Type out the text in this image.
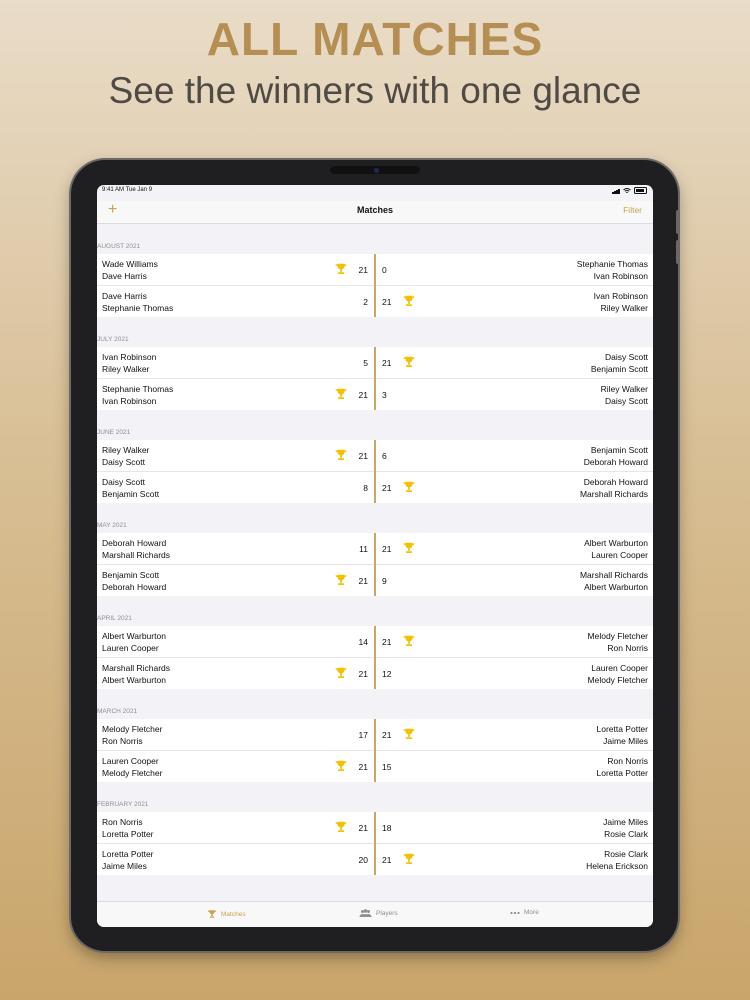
ALL MATCHES
See the winners with one glance
9:41 AM Tue Jan 9
+	Matches	Filter
AUGUST 2021
Wade Williams
Dave Harris
21 0
Stephanie Thomas
Ivan Robinson
Dave Harris
Stephanie Thomas
2 21
Ivan Robinson
Riley Walker
JULY 2021
Ivan Robinson
Riley Walker
5 21
Daisy Scott
Benjamin Scott
Stephanie Thomas
Ivan Robinson
21 3
Riley Walker
Daisy Scott
JUNE 2021
Riley Walker
Daisy Scott
21 6
Benjamin Scott
Deborah Howard
Daisy Scott
Benjamin Scott
8 21
Deborah Howard
Marshall Richards
MAY 2021
Deborah Howard
Marshall Richards
11 21
Albert Warburton
Lauren Cooper
Benjamin Scott
Deborah Howard
21 9
Marshall Richards
Albert Warburton
APRIL 2021
Albert Warburton
Lauren Cooper
14 21
Melody Fletcher
Ron Norris
Marshall Richards
Albert Warburton
21 12
Lauren Cooper
Melody Fletcher
MARCH 2021
Melody Fletcher
Ron Norris
17 21
Loretta Potter
Jaime Miles
Lauren Cooper
Melody Fletcher
21 15
Ron Norris
Loretta Potter
FEBRUARY 2021
Ron Norris
Loretta Potter
21 18
Jaime Miles
Rosie Clark
Loretta Potter
Jaime Miles
20 21
Rosie Clark
Helena Erickson
Matches	Players	More
